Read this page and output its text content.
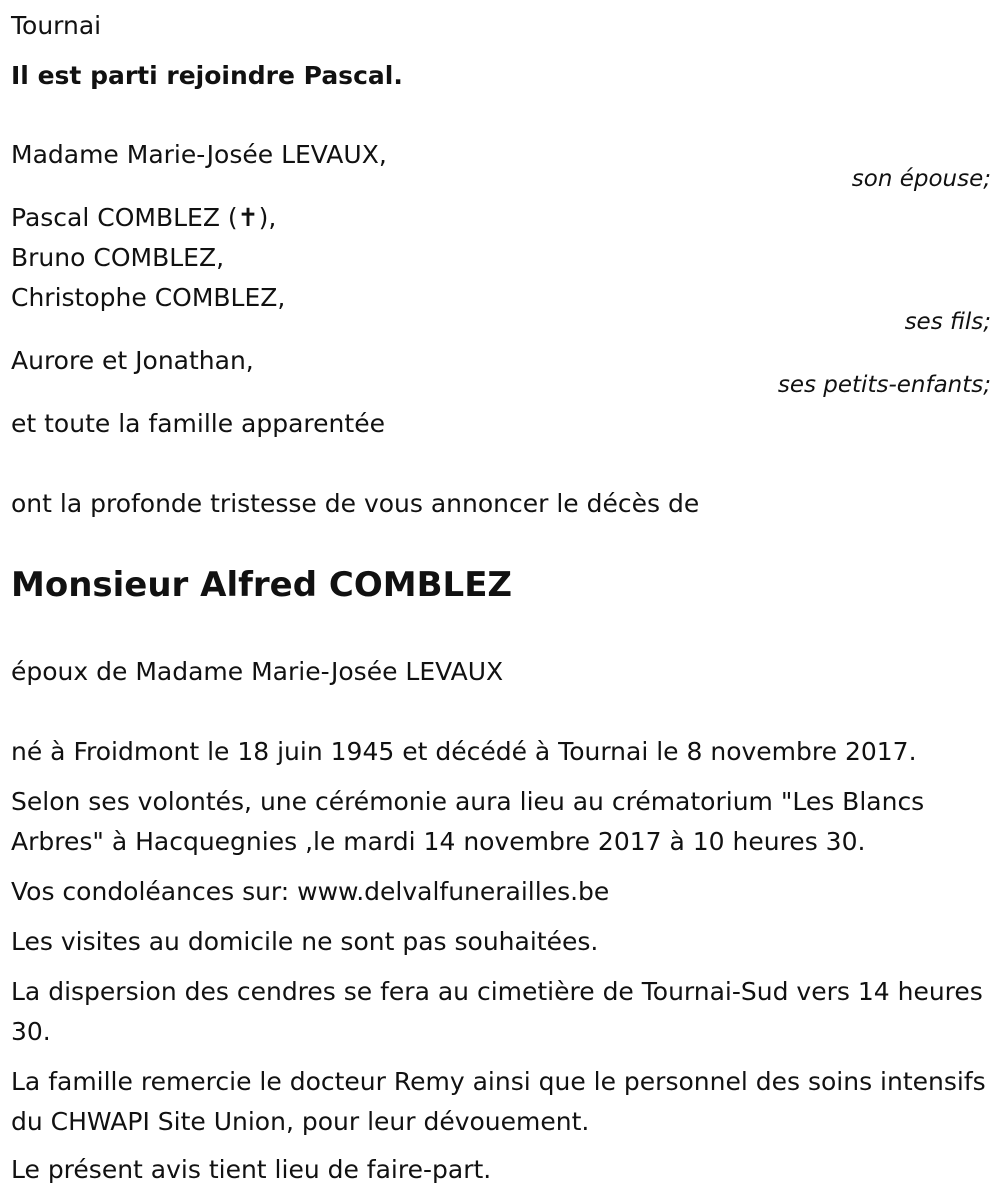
Tournai
Il est parti rejoindre Pascal.
Madame Marie-Josée LEVAUX,
son épouse;
Pascal COMBLEZ (✝),
Bruno COMBLEZ,
Christophe COMBLEZ,
ses fils;
Aurore et Jonathan,
ses petits-enfants;
et toute la famille apparentée
ont la profonde tristesse de vous annoncer le décès de
Monsieur Alfred COMBLEZ
époux de Madame Marie-Josée LEVAUX
né à Froidmont le 18 juin 1945 et décédé à Tournai le 8 novembre 2017.
Selon ses volontés, une cérémonie aura lieu au crématorium "Les Blancs Arbres" à Hacquegnies ,le mardi 14 novembre 2017 à 10 heures 30.
Vos condoléances sur: www.delvalfunerailles.be
Les visites au domicile ne sont pas souhaitées.
La dispersion des cendres se fera au cimetière de Tournai-Sud vers 14 heures 30.
La famille remercie le docteur Remy ainsi que le personnel des soins intensifs du CHWAPI Site Union, pour leur dévouement.
Le présent avis tient lieu de faire-part.
